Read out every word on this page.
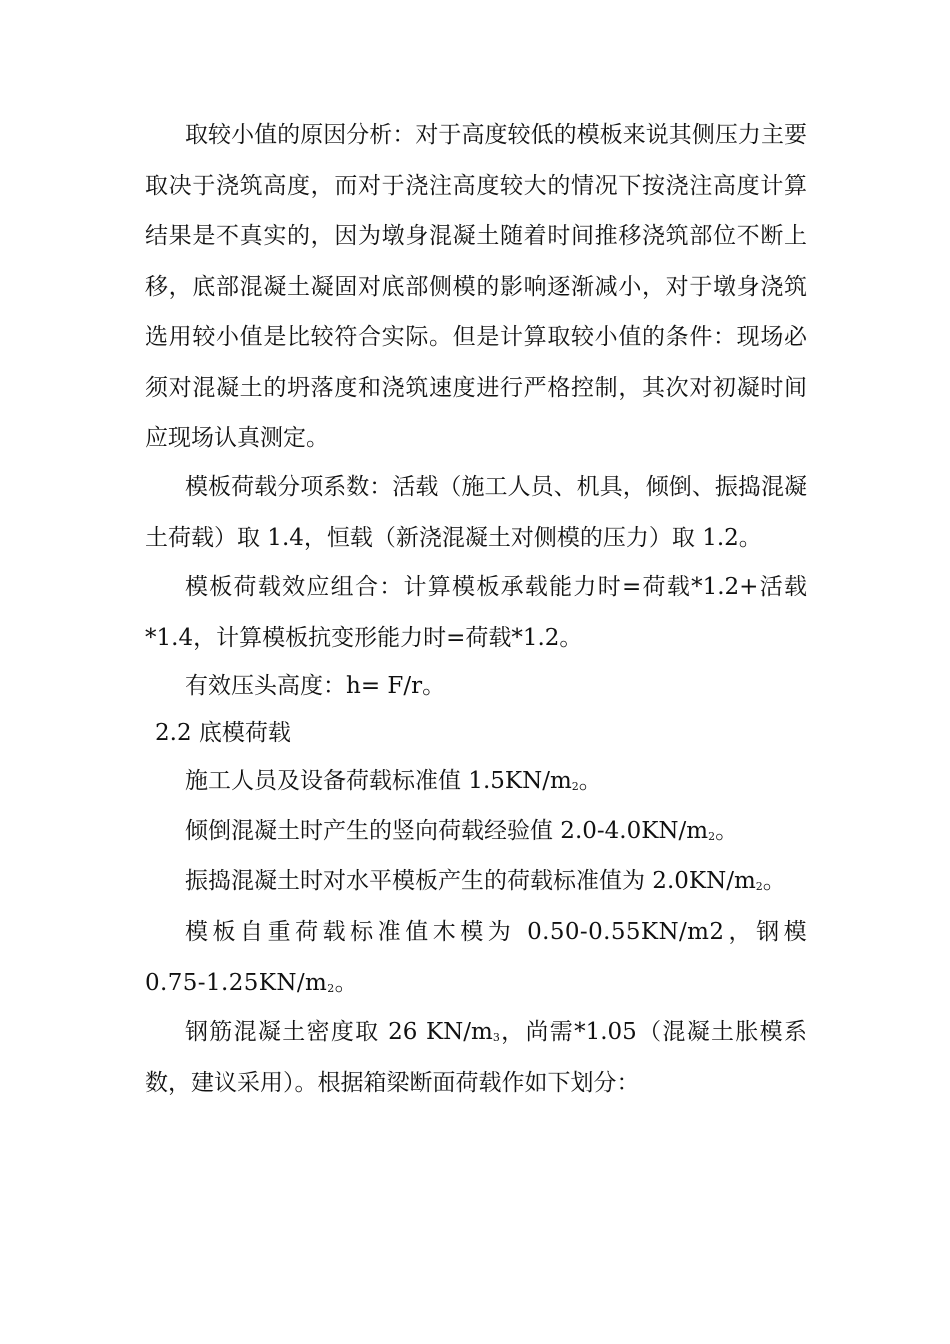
取较小值的原因分析：对于高度较低的模板来说其侧压力主要取决于浇筑高度，而对于浇注高度较大的情况下按浇注高度计算结果是不真实的，因为墩身混凝土随着时间推移浇筑部位不断上移，底部混凝土凝固对底部侧模的影响逐渐减小，对于墩身浇筑选用较小值是比较符合实际。但是计算取较小值的条件：现场必须对混凝土的坍落度和浇筑速度进行严格控制，其次对初凝时间应现场认真测定。

模板荷载分项系数：活载（施工人员、机具，倾倒、振捣混凝土荷载）取 1.4，恒载（新浇混凝土对侧模的压力）取 1.2。

模板荷载效应组合：计算模板承载能力时=荷载*1.2+活载*1.4，计算模板抗变形能力时=荷载*1.2。

有效压头高度：h= F/r。

2.2 底模荷载

施工人员及设备荷载标准值 $1.5KN/m^2$。

倾倒混凝土时产生的竖向荷载经验值 $2.0-4.0KN/m^2$。

振捣混凝土时对水平模板产生的荷载标准值为 $2.0KN/m^2$。

模板自重荷载标准值木模为 0.50-0.55KN/m2，钢模 $0.75-1.25KN/m^2$。

钢筋混凝土密度取 26 $KN/m^3$，尚需*1.05（混凝土胀模系数，建议采用）。根据箱梁断面荷载作如下划分：
